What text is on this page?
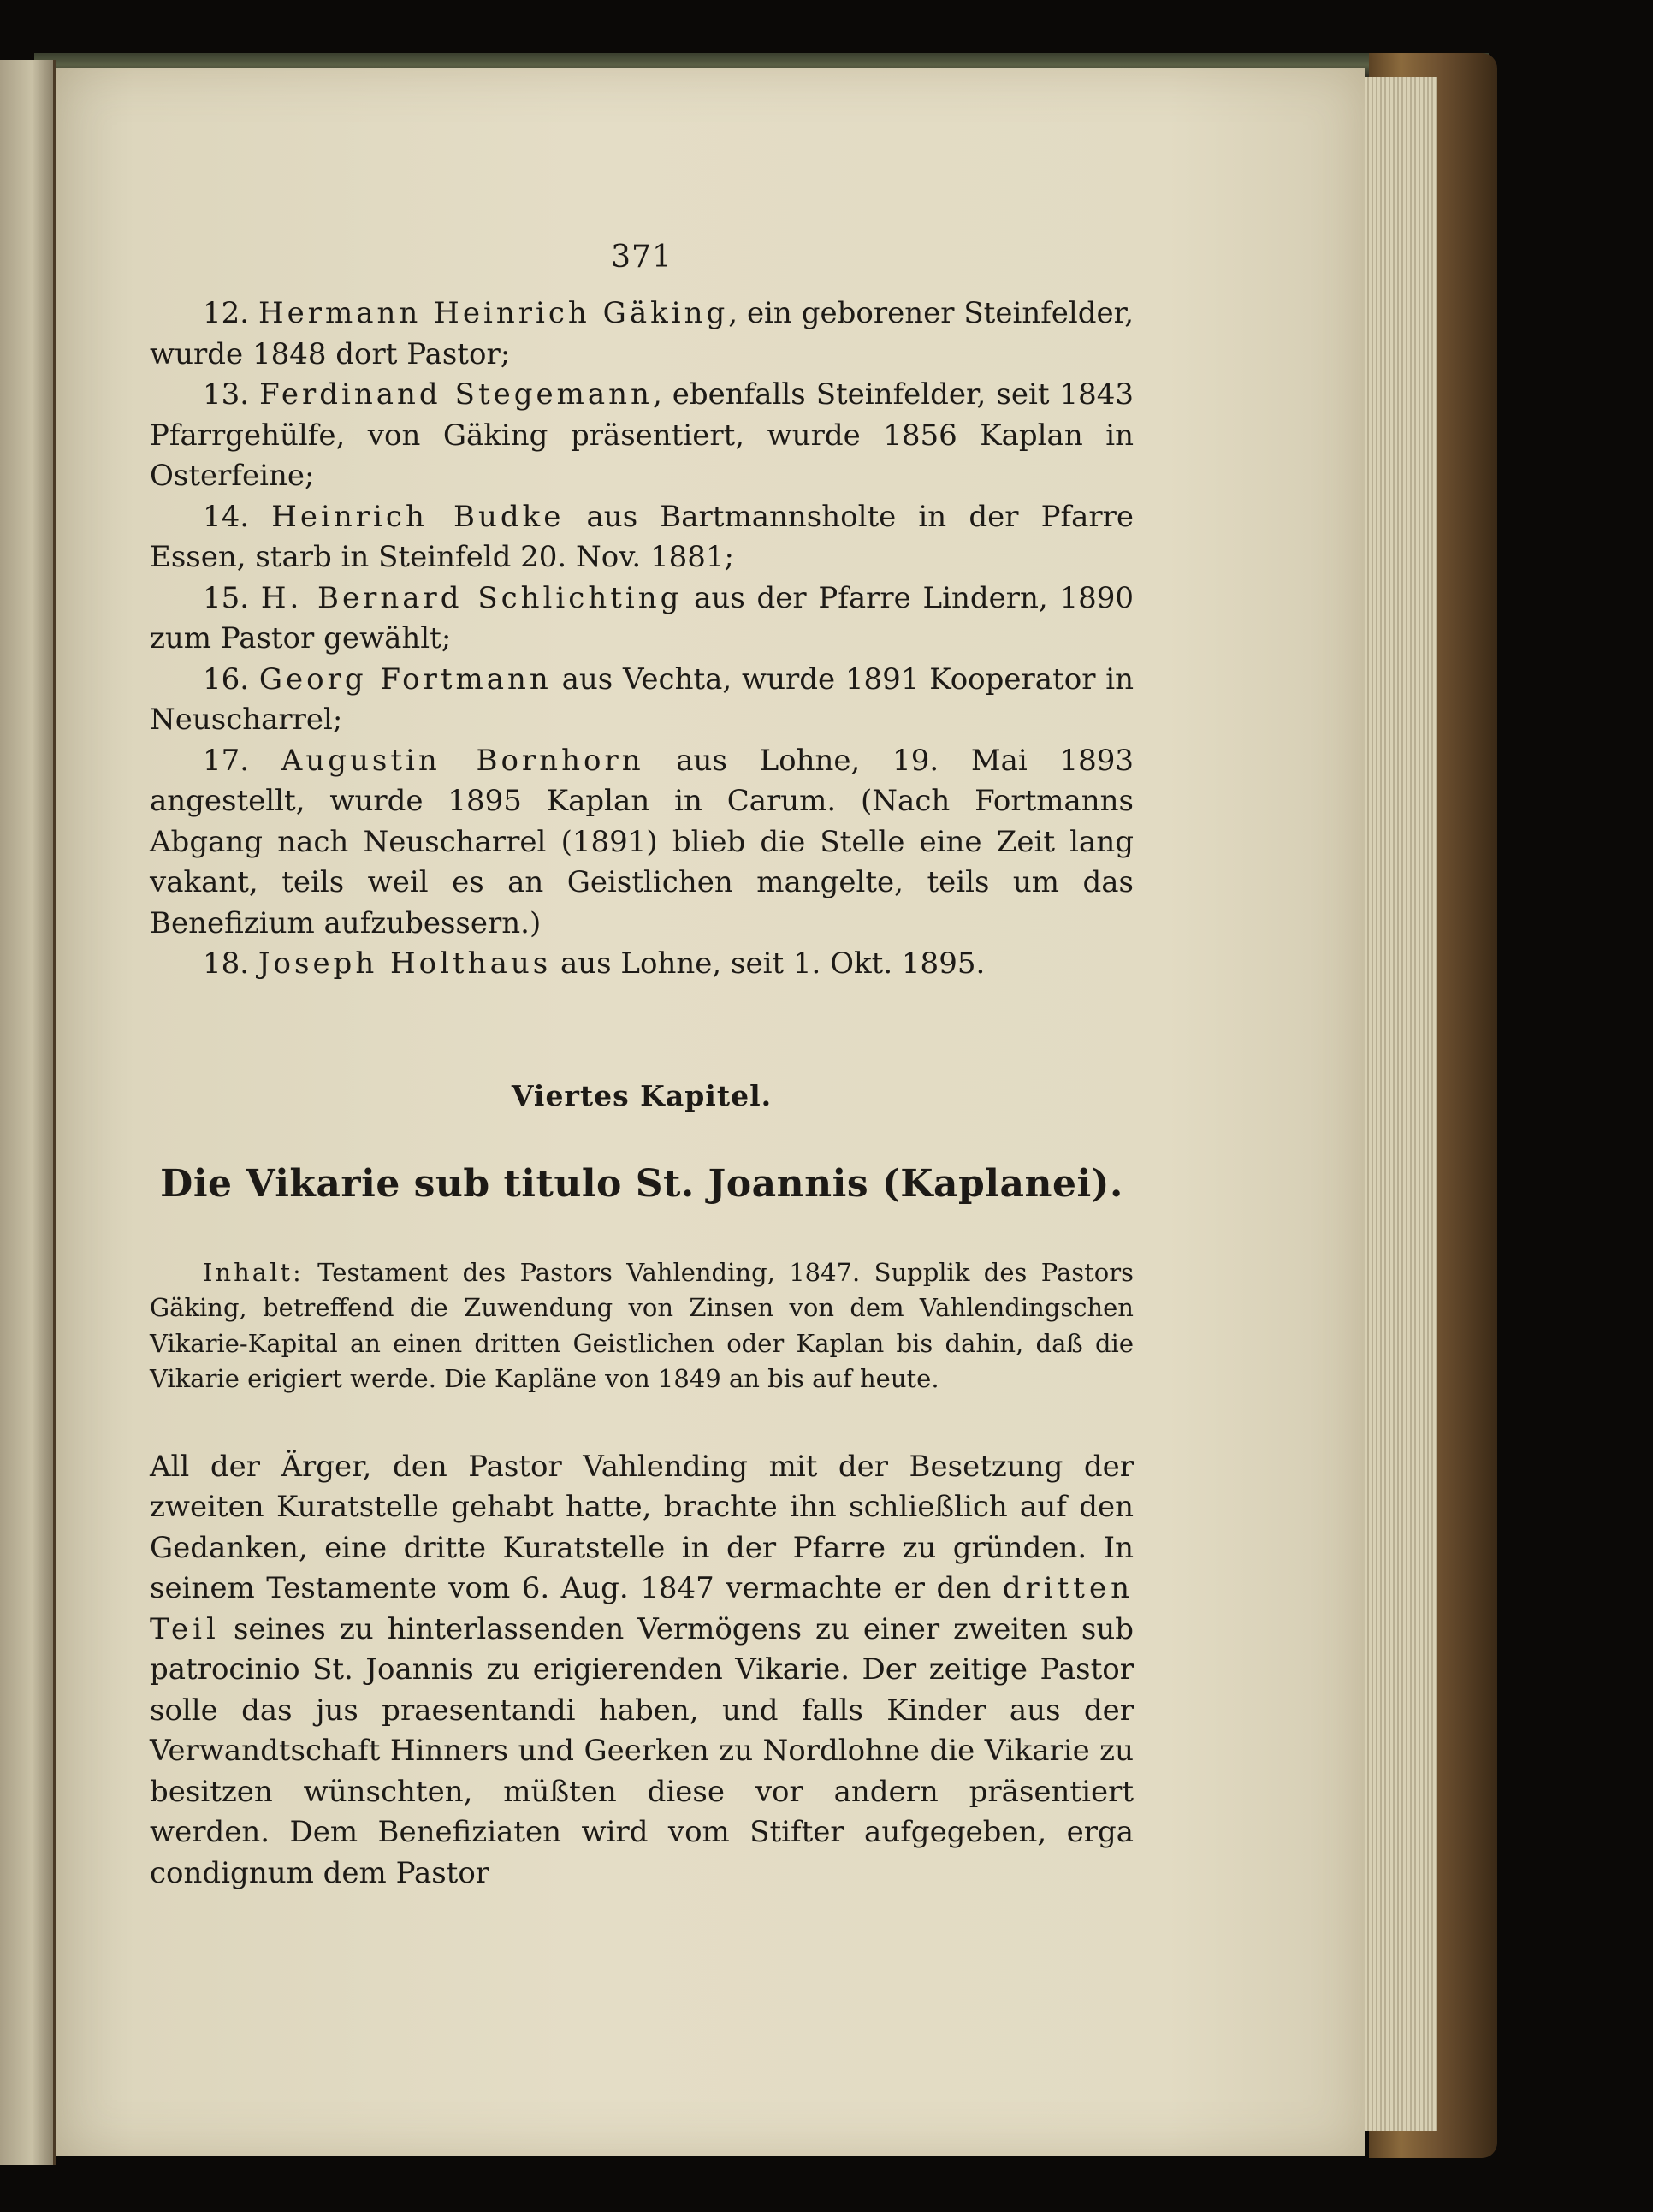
371

12. Hermann Heinrich Gäking, ein geborener Steinfelder, wurde 1848 dort Pastor;

13. Ferdinand Stegemann, ebenfalls Steinfelder, seit 1843 Pfarrgehülfe, von Gäking präsentiert, wurde 1856 Kaplan in Osterfeine;

14. Heinrich Budke aus Bartmannsholte in der Pfarre Essen, starb in Steinfeld 20. Nov. 1881;

15. H. Bernard Schlichting aus der Pfarre Lindern, 1890 zum Pastor gewählt;

16. Georg Fortmann aus Vechta, wurde 1891 Kooperator in Neuscharrel;

17. Augustin Bornhorn aus Lohne, 19. Mai 1893 angestellt, wurde 1895 Kaplan in Carum. (Nach Fortmanns Abgang nach Neuscharrel (1891) blieb die Stelle eine Zeit lang vakant, teils weil es an Geistlichen mangelte, teils um das Benefizium aufzubessern.)

18. Joseph Holthaus aus Lohne, seit 1. Okt. 1895.

Viertes Kapitel.
Die Vikarie sub titulo St. Joannis (Kaplanei).

Inhalt: Testament des Pastors Vahlending, 1847. Supplik des Pastors Gäking, betreffend die Zuwendung von Zinsen von dem Vahlendingschen Vikarie-Kapital an einen dritten Geistlichen oder Kaplan bis dahin, daß die Vikarie erigiert werde. Die Kapläne von 1849 an bis auf heute.

All der Ärger, den Pastor Vahlending mit der Besetzung der zweiten Kuratstelle gehabt hatte, brachte ihn schließlich auf den Gedanken, eine dritte Kuratstelle in der Pfarre zu gründen. In seinem Testamente vom 6. Aug. 1847 vermachte er den dritten Teil seines zu hinterlassenden Vermögens zu einer zweiten sub patrocinio St. Joannis zu erigierenden Vikarie. Der zeitige Pastor solle das jus praesentandi haben, und falls Kinder aus der Verwandtschaft Hinners und Geerken zu Nordlohne die Vikarie zu besitzen wünschten, müßten diese vor andern präsentiert werden. Dem Benefiziaten wird vom Stifter aufgegeben, erga condignum dem Pastor
